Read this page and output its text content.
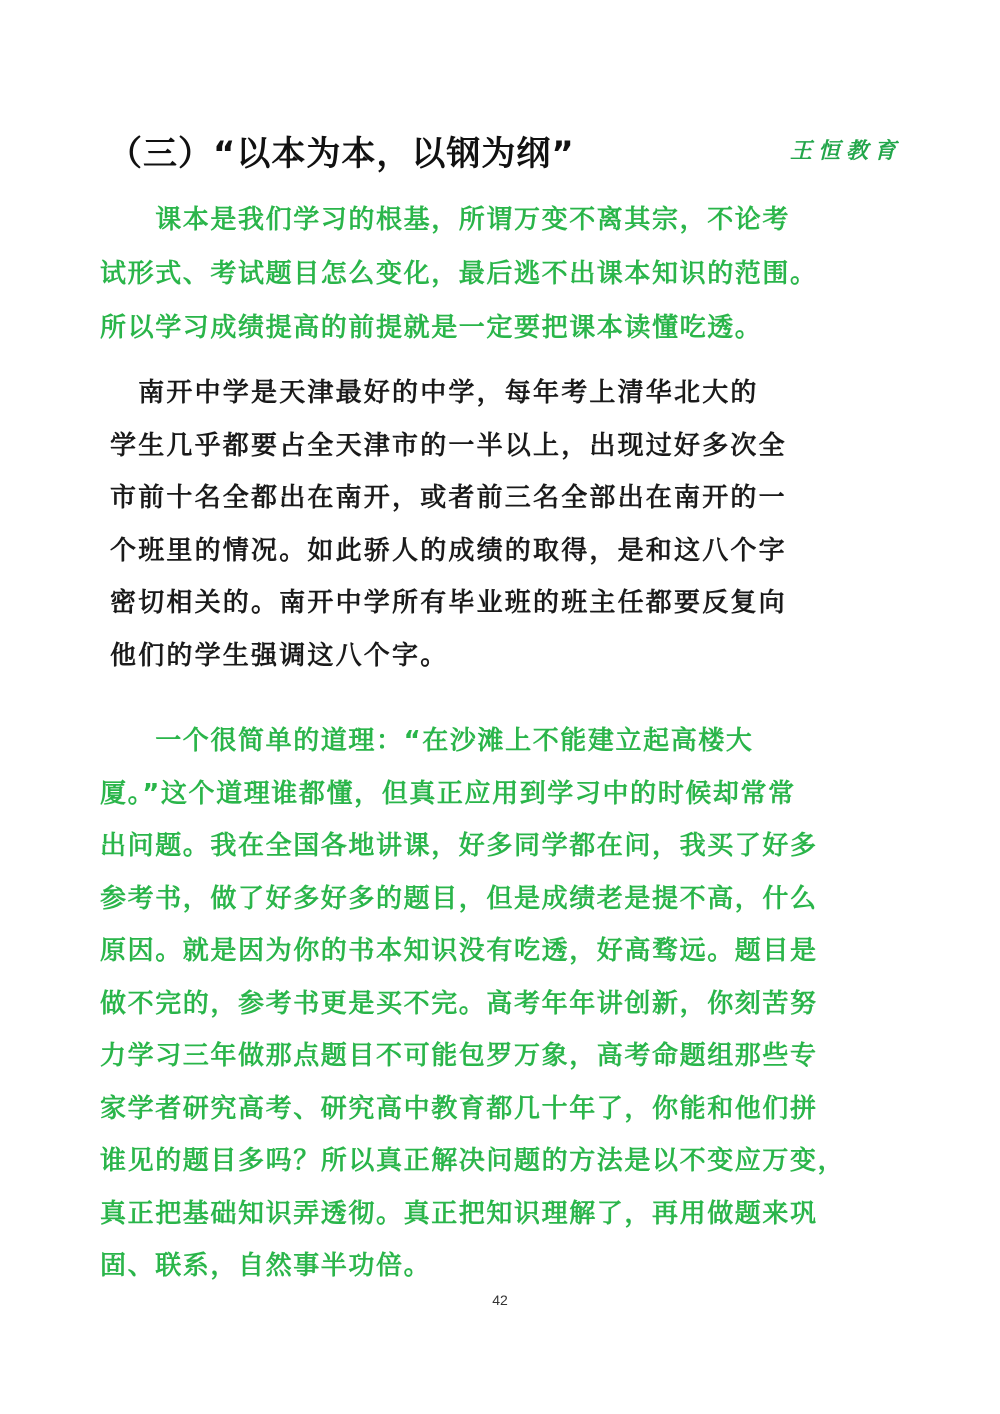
（三）“以本为本，以钢为纲”	王恒教育
　　课本是我们学习的根基，所谓万变不离其宗，不论考
试形式、考试题目怎么变化，最后逃不出课本知识的范围。
所以学习成绩提高的前提就是一定要把课本读懂吃透。
　南开中学是天津最好的中学，每年考上清华北大的
学生几乎都要占全天津市的一半以上，出现过好多次全
市前十名全都出在南开，或者前三名全部出在南开的一
个班里的情况。如此骄人的成绩的取得，是和这八个字
密切相关的。南开中学所有毕业班的班主任都要反复向
他们的学生强调这八个字。
　　一个很简单的道理：“在沙滩上不能建立起高楼大
厦。”这个道理谁都懂，但真正应用到学习中的时候却常常
出问题。我在全国各地讲课，好多同学都在问，我买了好多
参考书，做了好多好多的题目，但是成绩老是提不高，什么
原因。就是因为你的书本知识没有吃透，好高骛远。题目是
做不完的，参考书更是买不完。高考年年讲创新，你刻苦努
力学习三年做那点题目不可能包罗万象，高考命题组那些专
家学者研究高考、研究高中教育都几十年了，你能和他们拼
谁见的题目多吗？所以真正解决问题的方法是以不变应万变，
真正把基础知识弄透彻。真正把知识理解了，再用做题来巩
固、联系，自然事半功倍。
42
